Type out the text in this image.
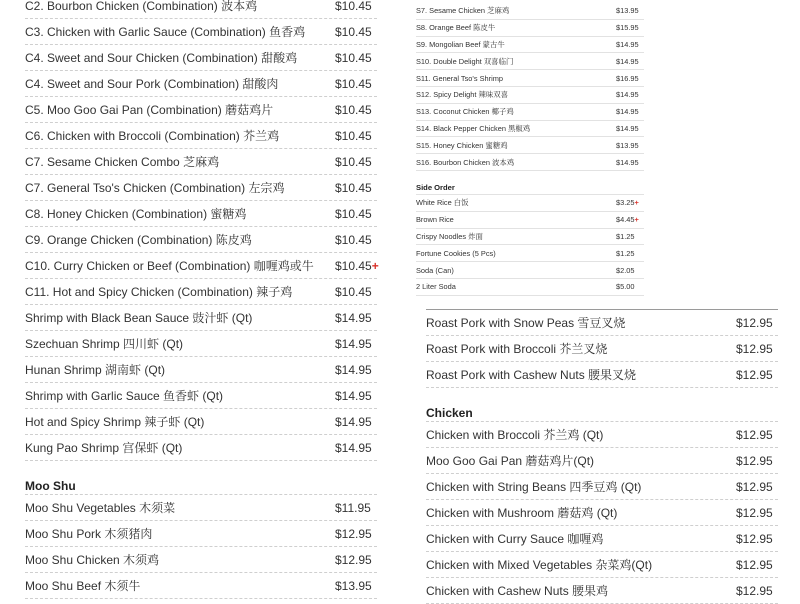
C2. Bourbon Chicken (Combination) 波本鸡	$10.45
C3. Chicken with Garlic Sauce (Combination) 鱼香鸡 $10.45
C4. Sweet and Sour Chicken (Combination) 甜酸鸡	$10.45
C4. Sweet and Sour Pork (Combination) 甜酸肉	$10.45
C5. Moo Goo Gai Pan (Combination) 蘑菇鸡片	$10.45
C6. Chicken with Broccoli (Combination) 芥兰鸡	$10.45
C7. Sesame Chicken Combo 芝麻鸡	$10.45
C7. General Tso's Chicken (Combination) 左宗鸡	$10.45
C8. Honey Chicken (Combination) 蜜糖鸡	$10.45
C9. Orange Chicken (Combination) 陈皮鸡	$10.45
C10. Curry Chicken or Beef (Combination) 咖喱鸡或牛 $10.45+
C11. Hot and Spicy Chicken (Combination) 辣子鸡	$10.45
Shrimp with Black Bean Sauce 豉汁虾 (Qt)	$14.95
Szechuan Shrimp 四川虾 (Qt)	$14.95
Hunan Shrimp 湖南虾 (Qt)	$14.95
Shrimp with Garlic Sauce 鱼香虾 (Qt)	$14.95
Hot and Spicy Shrimp 辣子虾 (Qt)	$14.95
Kung Pao Shrimp 宫保虾 (Qt)	$14.95
Moo Shu
Moo Shu Vegetables 木须菜	$11.95
Moo Shu Pork 木须猪肉	$12.95
Moo Shu Chicken 木须鸡	$12.95
Moo Shu Beef 木须牛	$13.95
S7. Sesame Chicken 芝麻鸡	$13.95
S8. Orange Beef 陈皮牛	$15.95
S9. Mongolian Beef 蒙古牛	$14.95
S10. Double Delight 双喜临门	$14.95
S11. General Tso's Shrimp	$16.95
S12. Spicy Delight 辣味双喜	$14.95
S13. Coconut Chicken 椰子鸡	$14.95
S14. Black Pepper Chicken 黑椒鸡	$14.95
S15. Honey Chicken 蜜糖鸡	$13.95
S16. Bourbon Chicken 波本鸡	$14.95
Side Order
White Rice 白饭	$3.25+
Brown Rice	$4.45+
Crispy Noodles 炸面	$1.25
Fortune Cookies (5 Pcs)	$1.25
Soda (Can)	$2.05
2 Liter Soda	$5.00
Roast Pork with Snow Peas 雪豆叉烧	$12.95
Roast Pork with Broccoli 芥兰叉烧	$12.95
Roast Pork with Cashew Nuts 腰果叉烧	$12.95
Chicken
Chicken with Broccoli 芥兰鸡 (Qt)	$12.95
Moo Goo Gai Pan 蘑菇鸡片(Qt)	$12.95
Chicken with String Beans 四季豆鸡 (Qt)	$12.95
Chicken with Mushroom 蘑菇鸡 (Qt)	$12.95
Chicken with Curry Sauce 咖喱鸡	$12.95
Chicken with Mixed Vegetables 杂菜鸡(Qt)	$12.95
Chicken with Cashew Nuts 腰果鸡	$12.95
